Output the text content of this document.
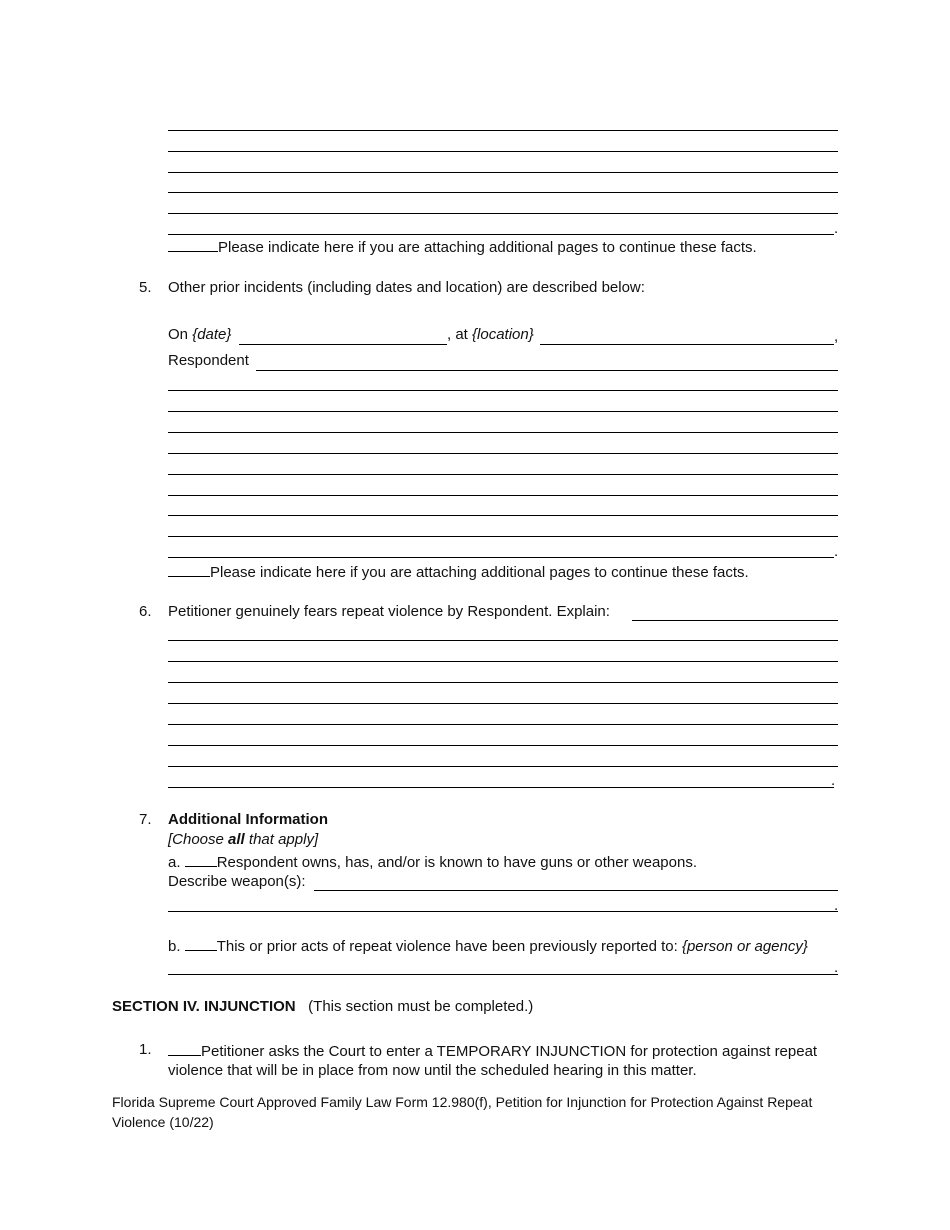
.
Please indicate here if you are attaching additional pages to continue these facts.
5. Other prior incidents (including dates and location) are described below:
On {date}	, at {location}	,
Respondent
.
Please indicate here if you are attaching additional pages to continue these facts.
6. Petitioner genuinely fears repeat violence by Respondent. Explain:
.
7. Additional Information
[Choose all that apply]
a. Respondent owns, has, and/or is known to have guns or other weapons.
Describe weapon(s):
.
b. This or prior acts of repeat violence have been previously reported to: {person or agency}
.
SECTION IV. INJUNCTION (This section must be completed.)
1.	Petitioner asks the Court to enter a TEMPORARY INJUNCTION for protection against repeat
violence that will be in place from now until the scheduled hearing in this matter.
Florida Supreme Court Approved Family Law Form 12.980(f), Petition for Injunction for Protection Against Repeat Violence (10/22)
